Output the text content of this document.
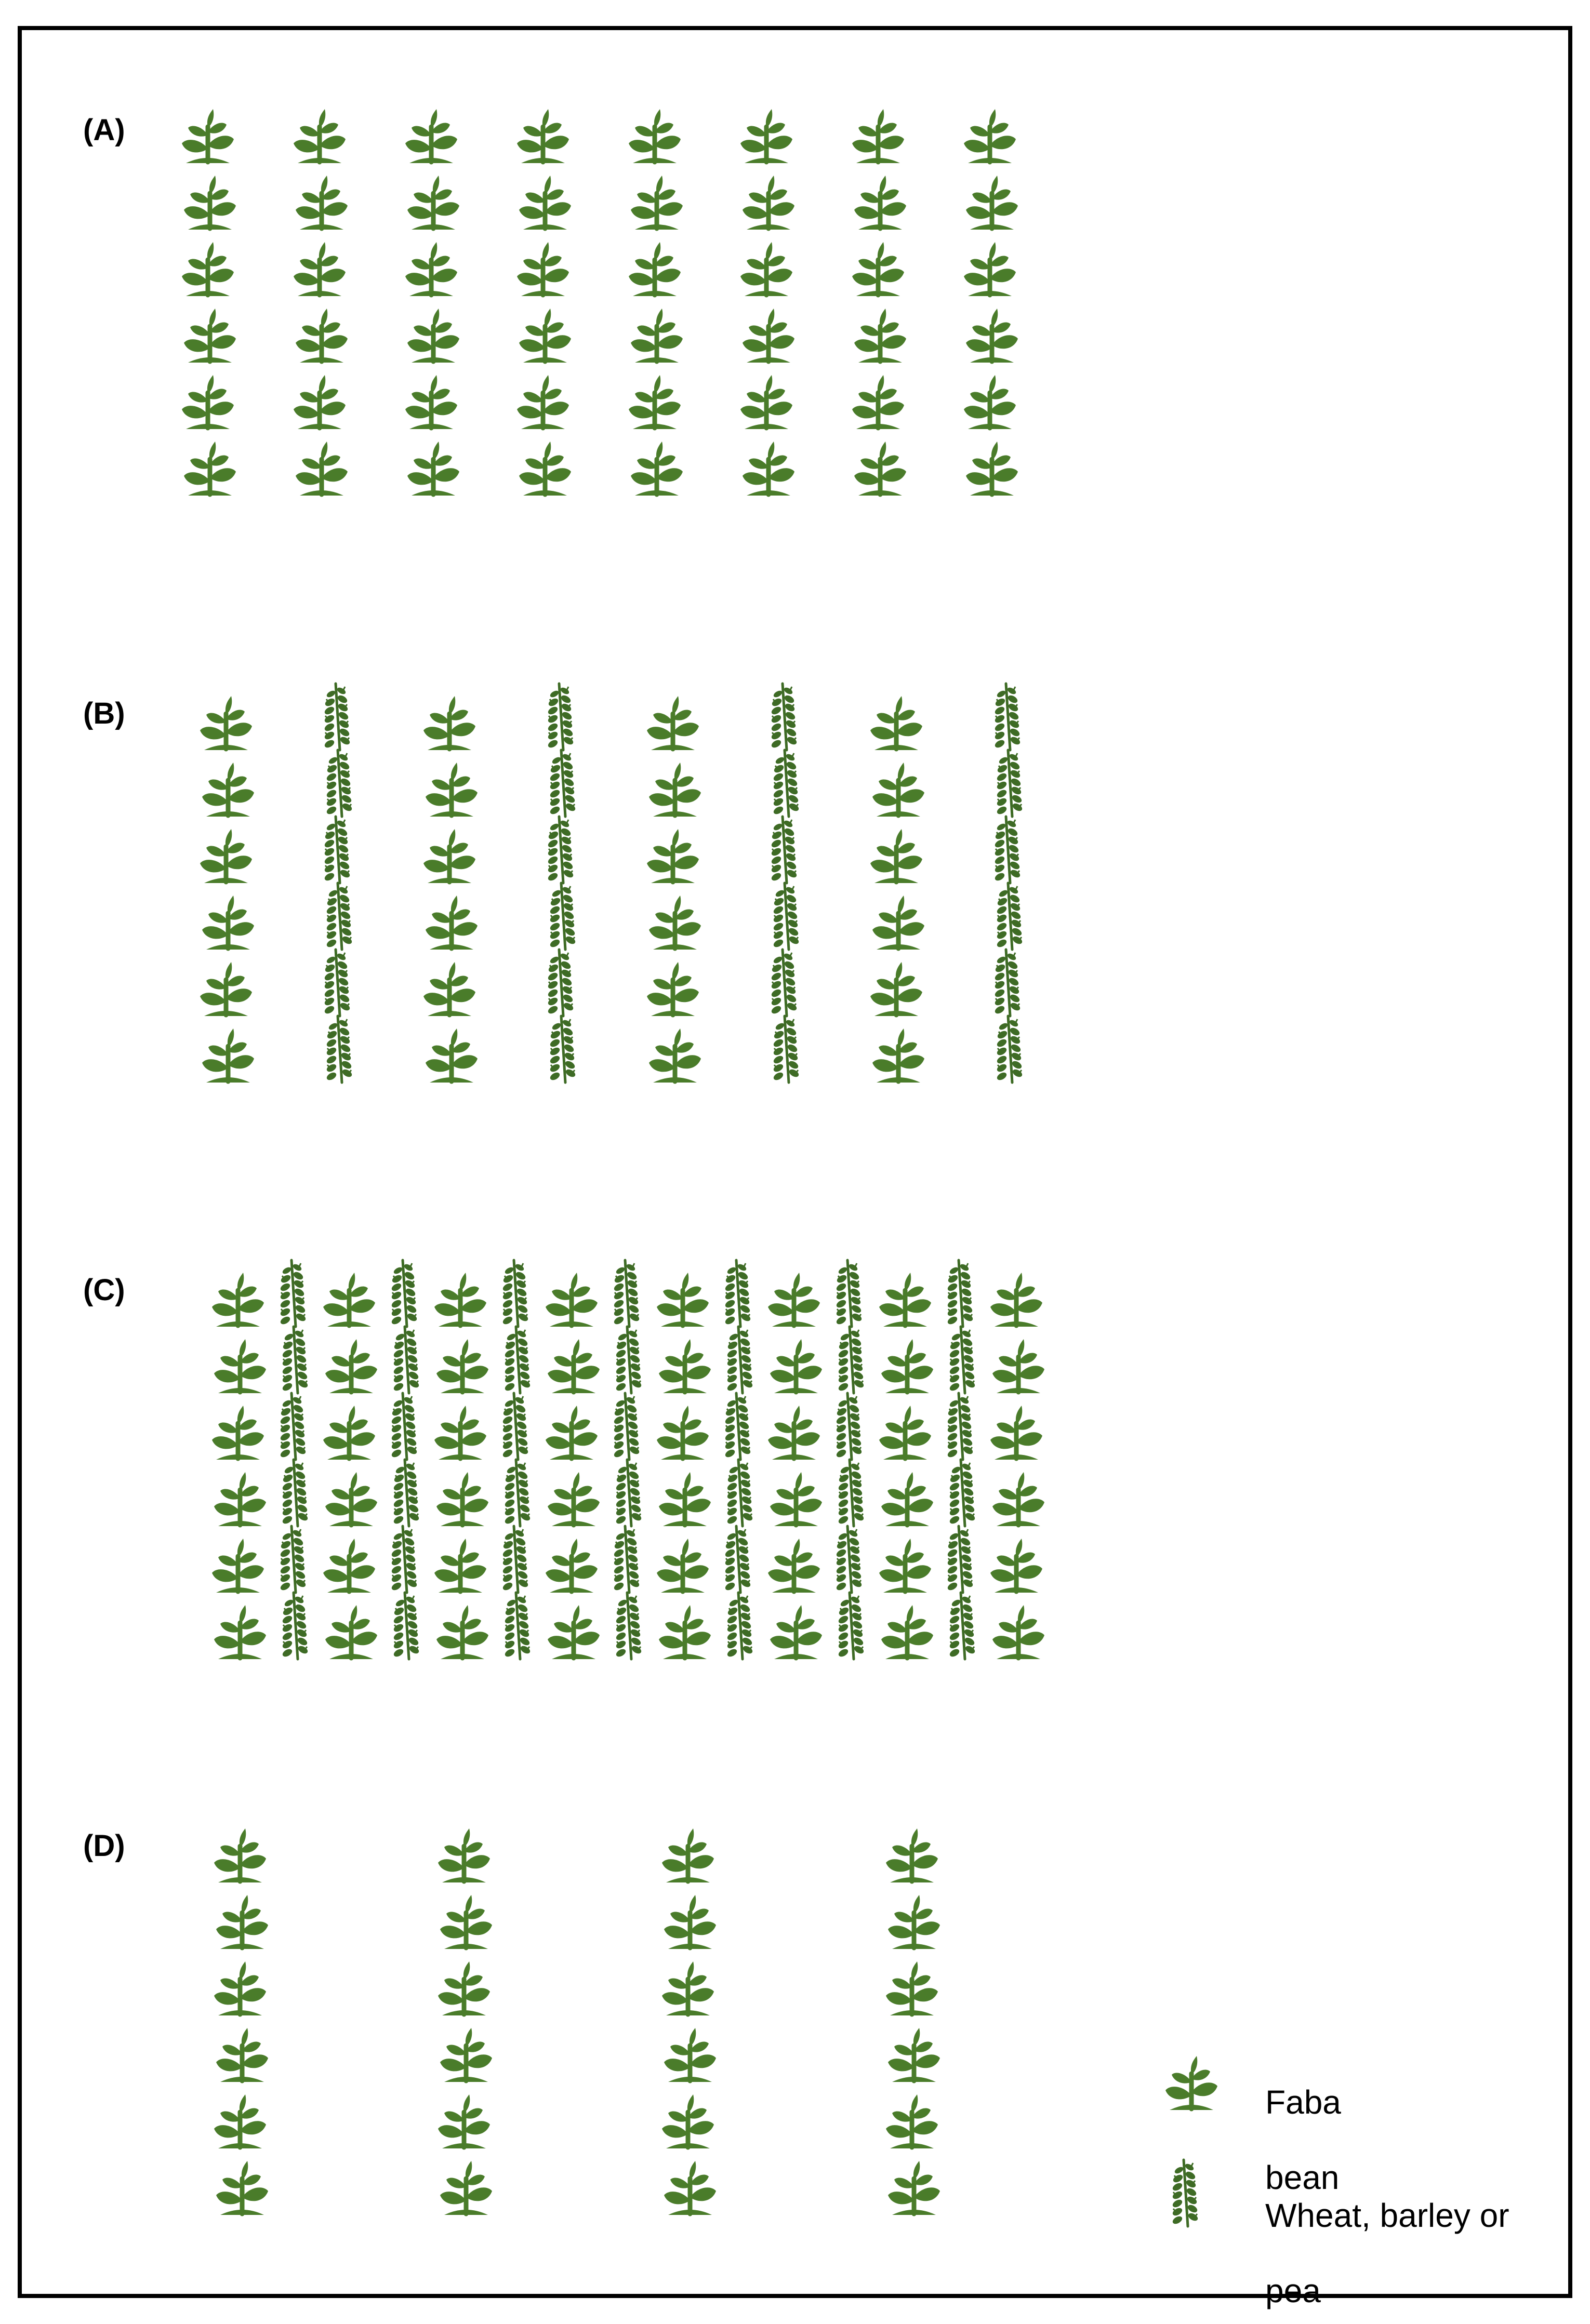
(A)
(B)
(C)
(D)
Faba
bean
Wheat, barley or
pea
